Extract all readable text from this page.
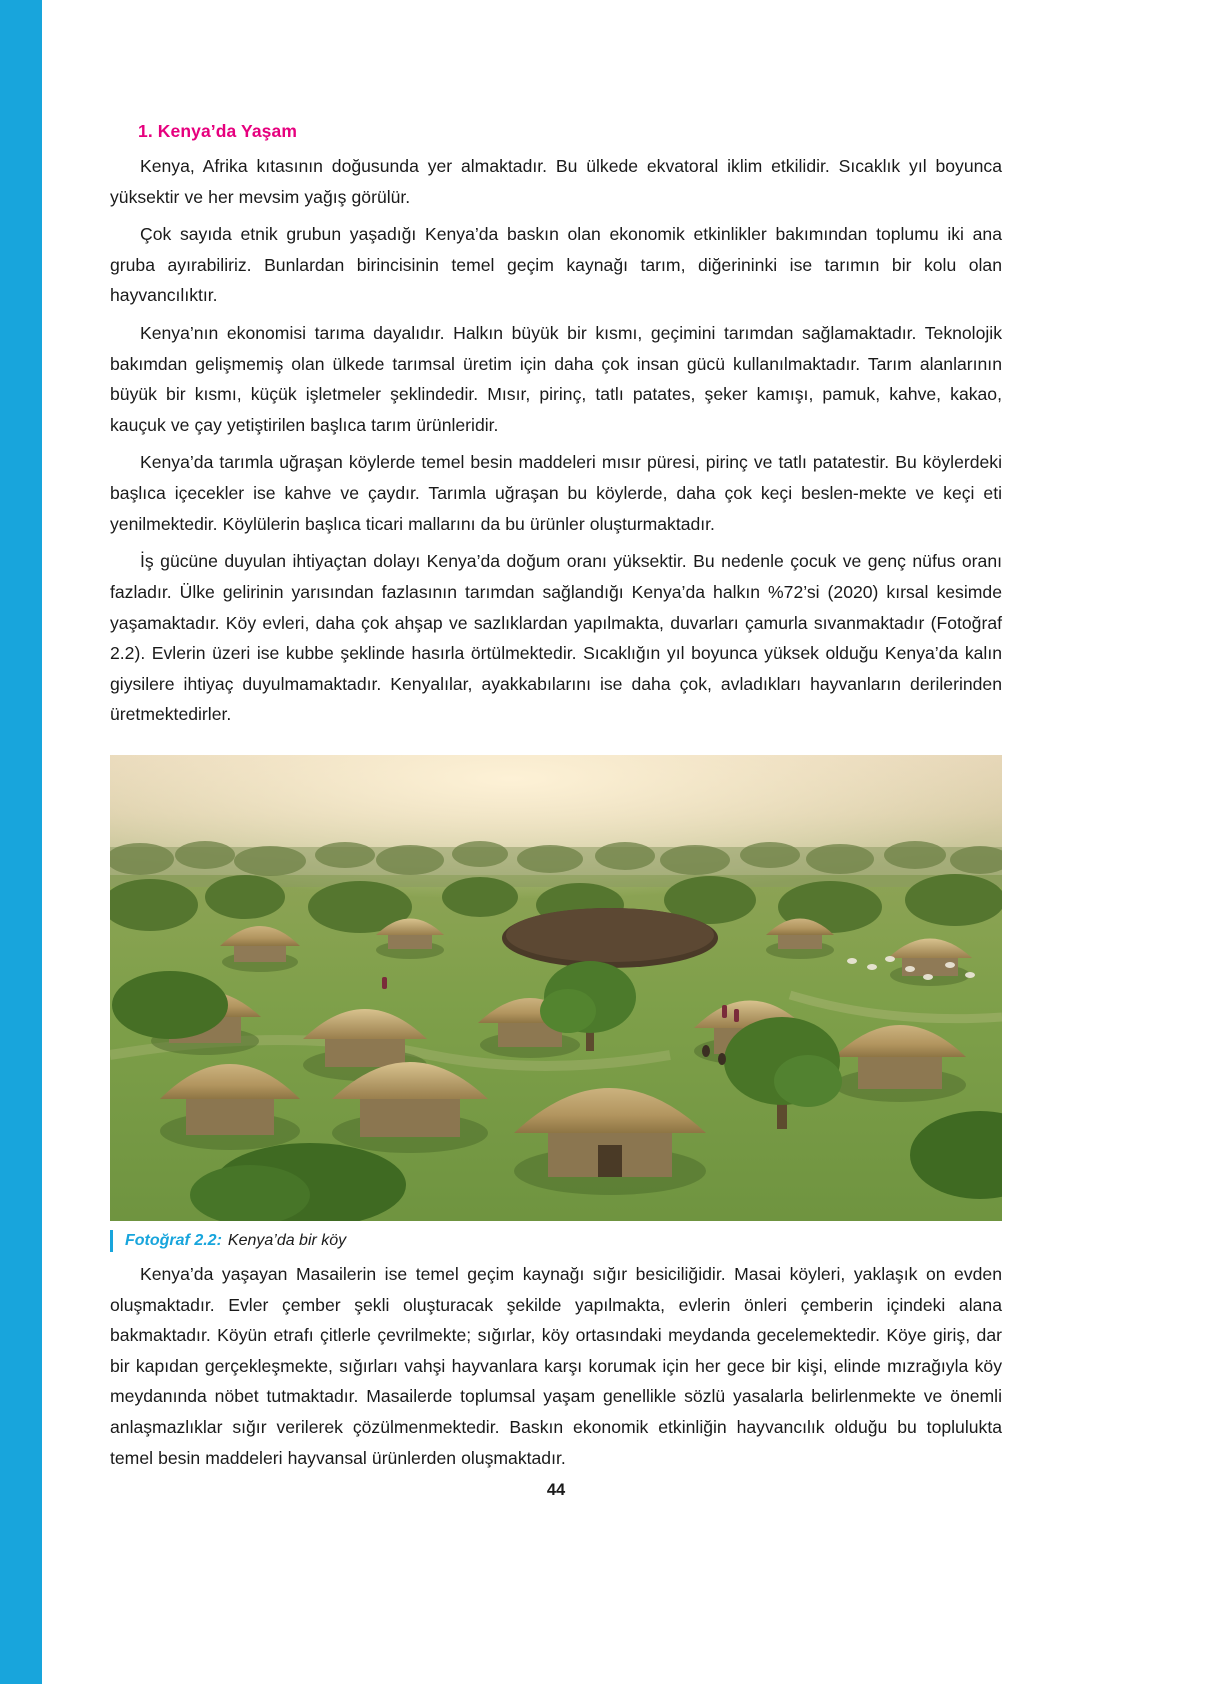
1. Kenya’da Yaşam

Kenya, Afrika kıtasının doğusunda yer almaktadır. Bu ülkede ekvatoral iklim etkilidir. Sıcaklık yıl boyunca yüksektir ve her mevsim yağış görülür.

Çok sayıda etnik grubun yaşadığı Kenya’da baskın olan ekonomik etkinlikler bakımından toplumu iki ana gruba ayırabiliriz. Bunlardan birincisinin temel geçim kaynağı tarım, diğerininki ise tarımın bir kolu olan hayvancılıktır.

Kenya’nın ekonomisi tarıma dayalıdır. Halkın büyük bir kısmı, geçimini tarımdan sağlamaktadır. Teknolojik bakımdan gelişmemiş olan ülkede tarımsal üretim için daha çok insan gücü kullanılmaktadır. Tarım alanlarının büyük bir kısmı, küçük işletmeler şeklindedir. Mısır, pirinç, tatlı patates, şeker kamışı, pamuk, kahve, kakao, kauçuk ve çay yetiştirilen başlıca tarım ürünleridir.

Kenya’da tarımla uğraşan köylerde temel besin maddeleri mısır püresi, pirinç ve tatlı patatestir. Bu köylerdeki başlıca içecekler ise kahve ve çaydır. Tarımla uğraşan bu köylerde, daha çok keçi beslen-mekte ve keçi eti yenilmektedir. Köylülerin başlıca ticari mallarını da bu ürünler oluşturmaktadır.

İş gücüne duyulan ihtiyaçtan dolayı Kenya’da doğum oranı yüksektir. Bu nedenle çocuk ve genç nüfus oranı fazladır. Ülke gelirinin yarısından fazlasının tarımdan sağlandığı Kenya’da halkın %72’si (2020) kırsal kesimde yaşamaktadır. Köy evleri, daha çok ahşap ve sazlıklardan yapılmakta, duvarları çamurla sıvanmaktadır (Fotoğraf 2.2). Evlerin üzeri ise kubbe şeklinde hasırla örtülmektedir. Sıcaklığın yıl boyunca yüksek olduğu Kenya’da kalın giysilere ihtiyaç duyulmamaktadır. Kenyalılar, ayakkabılarını ise daha çok, avladıkları hayvanların derilerinden üretmektedirler.

Fotoğraf 2.2: Kenya’da bir köy

Kenya’da yaşayan Masailerin ise temel geçim kaynağı sığır besiciliğidir. Masai köyleri, yaklaşık on evden oluşmaktadır. Evler çember şekli oluşturacak şekilde yapılmakta, evlerin önleri çemberin içindeki alana bakmaktadır. Köyün etrafı çitlerle çevrilmekte; sığırlar, köy ortasındaki meydanda gecelemektedir. Köye giriş, dar bir kapıdan gerçekleşmekte, sığırları vahşi hayvanlara karşı korumak için her gece bir kişi, elinde mızrağıyla köy meydanında nöbet tutmaktadır. Masailerde toplumsal yaşam genellikle sözlü yasalarla belirlenmekte ve önemli anlaşmazlıklar sığır verilerek çözülmenmektedir. Baskın ekonomik etkinliğin hayvancılık olduğu bu toplulukta temel besin maddeleri hayvansal ürünlerden oluşmaktadır.

44
